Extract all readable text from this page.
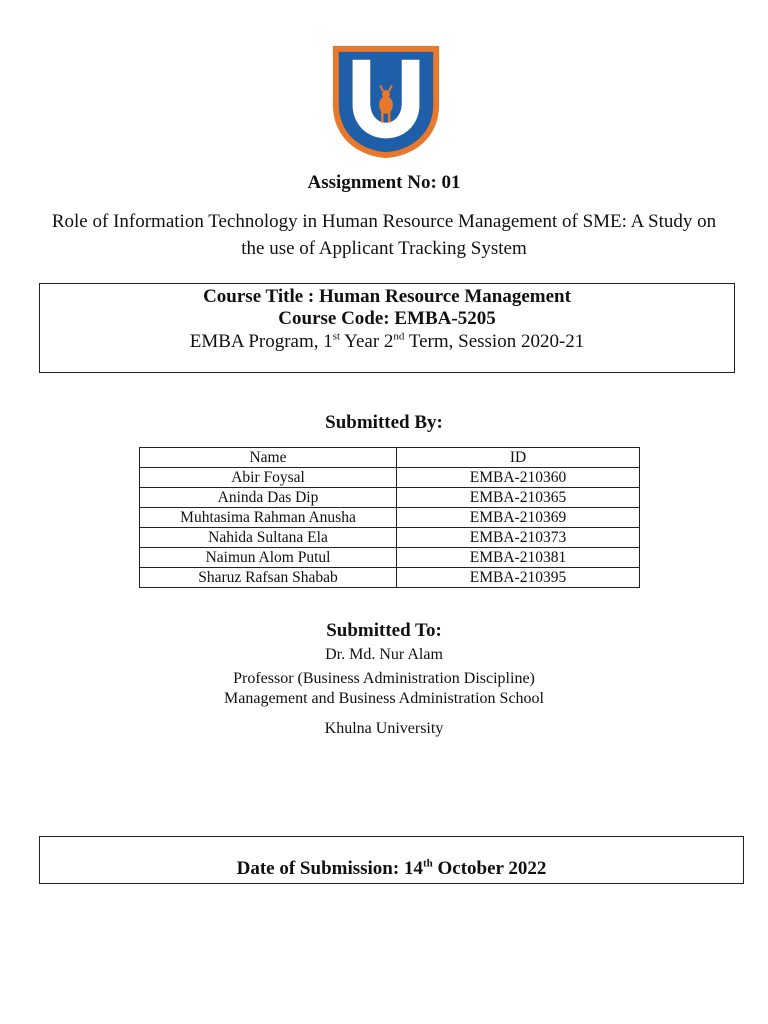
Assignment No: 01
Role of Information Technology in Human Resource Management of SME: A Study on the use of Applicant Tracking System
Course Title : Human Resource Management
Course Code: EMBA-5205
EMBA Program, 1st Year 2nd Term, Session 2020-21
Submitted By:
Name	ID
Abir Foysal	EMBA-210360
Aninda Das Dip	EMBA-210365
Muhtasima Rahman Anusha	EMBA-210369
Nahida Sultana Ela	EMBA-210373
Naimun Alom Putul	EMBA-210381
Sharuz Rafsan Shabab	EMBA-210395
Submitted To:
Dr. Md. Nur Alam
Professor (Business Administration Discipline)
Management and Business Administration School
Khulna University
Date of Submission: 14th October 2022
